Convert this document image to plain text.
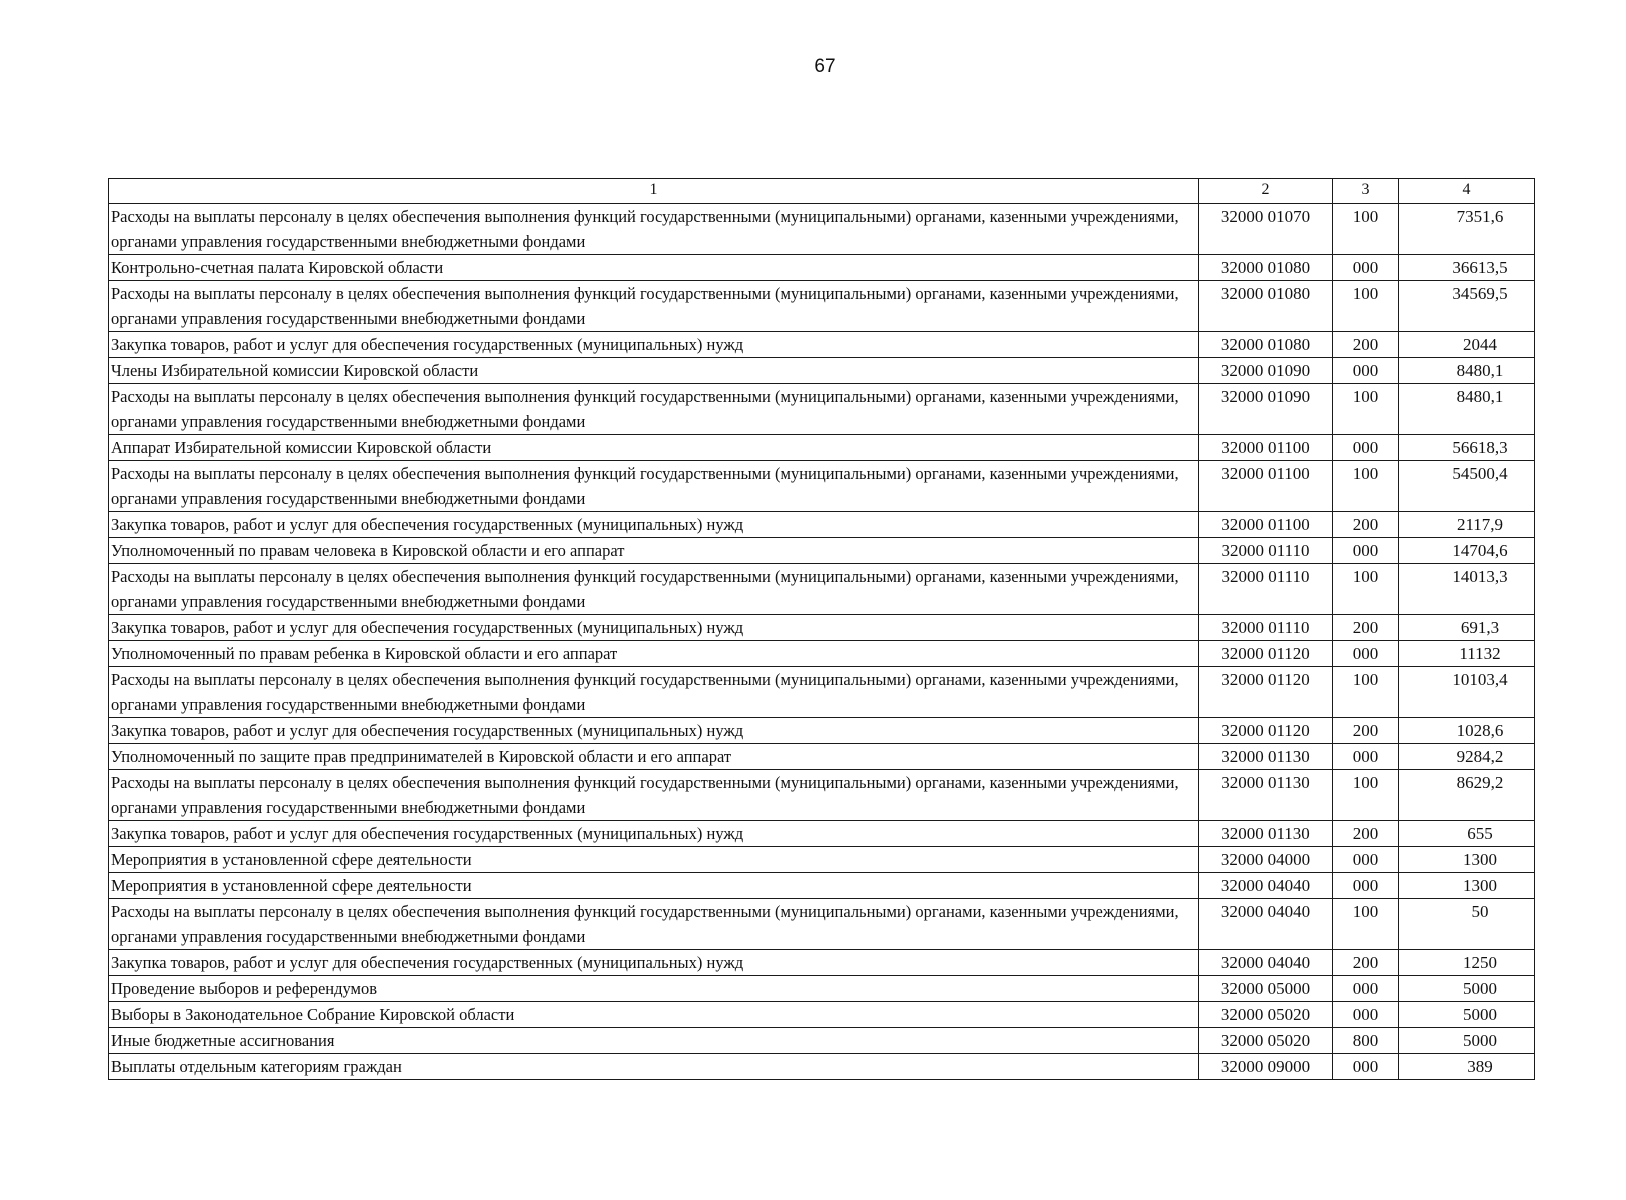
67
1	2	3	4
Расходы на выплаты персоналу в целях обеспечения выполнения функций государственными (муниципальными) органами, казенными учреждениями, органами управления государственными внебюджетными фондами	32000 01070	100	7351,6
Контрольно-счетная палата Кировской области	32000 01080	000	36613,5
Расходы на выплаты персоналу в целях обеспечения выполнения функций государственными (муниципальными) органами, казенными учреждениями, органами управления государственными внебюджетными фондами	32000 01080	100	34569,5
Закупка товаров, работ и услуг для обеспечения государственных (муниципальных) нужд	32000 01080	200	2044
Члены Избирательной комиссии Кировской области	32000 01090	000	8480,1
Расходы на выплаты персоналу в целях обеспечения выполнения функций государственными (муниципальными) органами, казенными учреждениями, органами управления государственными внебюджетными фондами	32000 01090	100	8480,1
Аппарат Избирательной комиссии Кировской области	32000 01100	000	56618,3
Расходы на выплаты персоналу в целях обеспечения выполнения функций государственными (муниципальными) органами, казенными учреждениями, органами управления государственными внебюджетными фондами	32000 01100	100	54500,4
Закупка товаров, работ и услуг для обеспечения государственных (муниципальных) нужд	32000 01100	200	2117,9
Уполномоченный по правам человека в Кировской области и его аппарат	32000 01110	000	14704,6
Расходы на выплаты персоналу в целях обеспечения выполнения функций государственными (муниципальными) органами, казенными учреждениями, органами управления государственными внебюджетными фондами	32000 01110	100	14013,3
Закупка товаров, работ и услуг для обеспечения государственных (муниципальных) нужд	32000 01110	200	691,3
Уполномоченный по правам ребенка в Кировской области и его аппарат	32000 01120	000	11132
Расходы на выплаты персоналу в целях обеспечения выполнения функций государственными (муниципальными) органами, казенными учреждениями, органами управления государственными внебюджетными фондами	32000 01120	100	10103,4
Закупка товаров, работ и услуг для обеспечения государственных (муниципальных) нужд	32000 01120	200	1028,6
Уполномоченный по защите прав предпринимателей в Кировской области и его аппарат	32000 01130	000	9284,2
Расходы на выплаты персоналу в целях обеспечения выполнения функций государственными (муниципальными) органами, казенными учреждениями, органами управления государственными внебюджетными фондами	32000 01130	100	8629,2
Закупка товаров, работ и услуг для обеспечения государственных (муниципальных) нужд	32000 01130	200	655
Мероприятия в установленной сфере деятельности	32000 04000	000	1300
Мероприятия в установленной сфере деятельности	32000 04040	000	1300
Расходы на выплаты персоналу в целях обеспечения выполнения функций государственными (муниципальными) органами, казенными учреждениями, органами управления государственными внебюджетными фондами	32000 04040	100	50
Закупка товаров, работ и услуг для обеспечения государственных (муниципальных) нужд	32000 04040	200	1250
Проведение выборов и референдумов	32000 05000	000	5000
Выборы в Законодательное Собрание Кировской области	32000 05020	000	5000
Иные бюджетные ассигнования	32000 05020	800	5000
Выплаты отдельным категориям граждан	32000 09000	000	389
